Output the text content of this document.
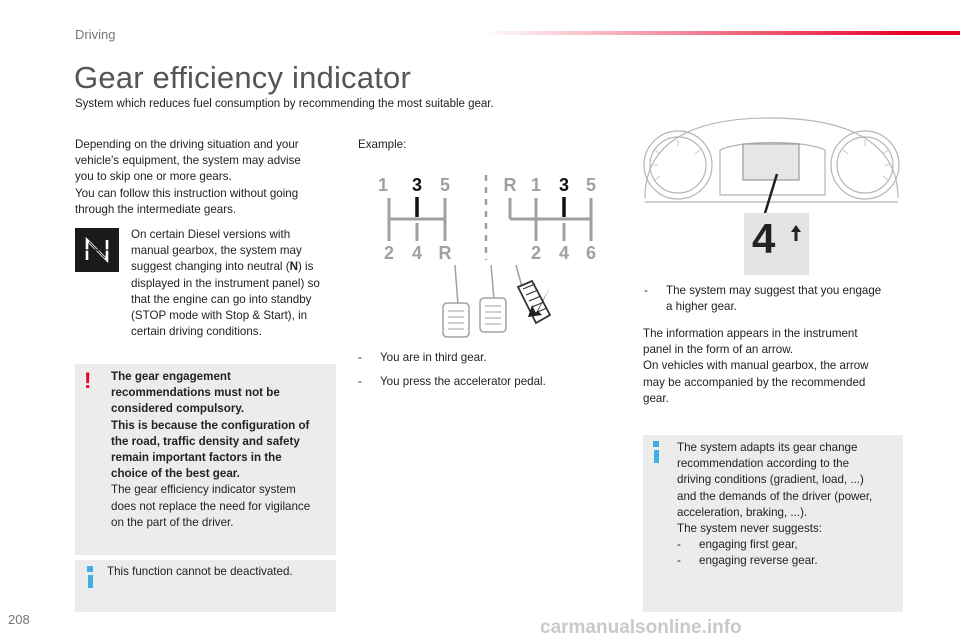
Driving
Gear efficiency indicator
System which reduces fuel consumption by recommending the most suitable gear.

Depending on the driving situation and your

vehicle's equipment, the system may advise

you to skip one or more gears.

You can follow this instruction without going

through the intermediate gears.

On certain Diesel versions with

manual gearbox, the system may

suggest changing into neutral (N) is

displayed in the instrument panel) so

that the engine can go into standby

(STOP mode with Stop & Start), in

certain driving conditions.

! The gear engagement
recommendations must not be
considered compulsory.
This is because the configuration of
the road, traffic density and safety
remain important factors in the
choice of the best gear.
The gear efficiency indicator system
does not replace the need for vigilance
on the part of the driver.
This function cannot be deactivated.
Example:
1 3 5
2 4 R
R 1 3 5
2 4 6
- You are in third gear.
- You press the accelerator pedal.
4
- The system may suggest that you engage
a higher gear.

The information appears in the instrument

panel in the form of an arrow.

On vehicles with manual gearbox, the arrow

may be accompanied by the recommended

gear.

The system adapts its gear change

recommendation according to the

driving conditions (gradient, load, ...)

and the demands of the driver (power,

acceleration, braking, ...).

The system never suggests:

- engaging first gear,
- engaging reverse gear.
208	carmanualsonline.info
